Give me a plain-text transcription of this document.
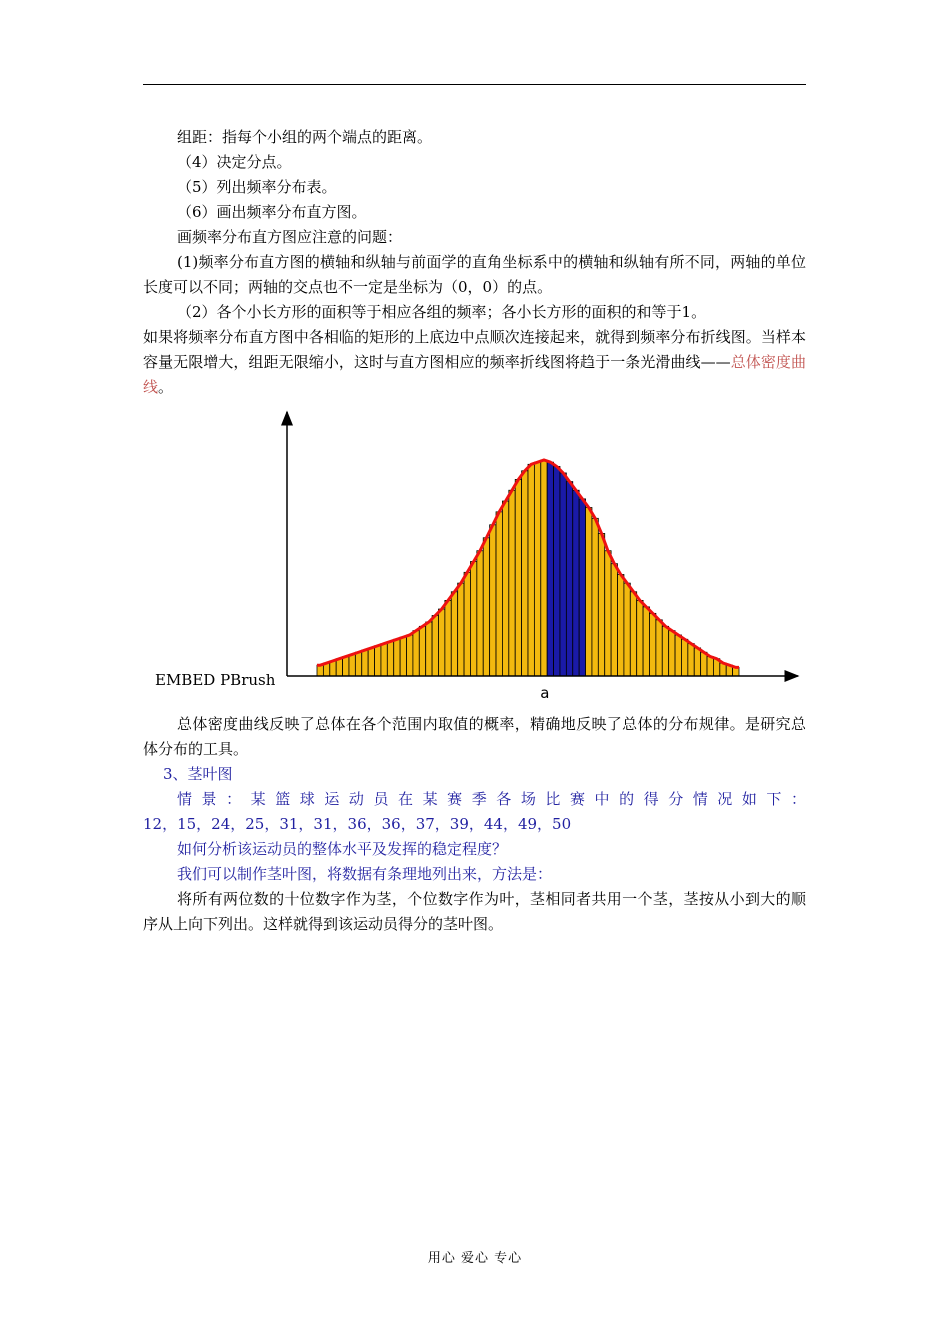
组距：指每个小组的两个端点的距离。

（4）决定分点。

（5）列出频率分布表。

（6）画出频率分布直方图。

画频率分布直方图应注意的问题：

(1)频率分布直方图的横轴和纵轴与前面学的直角坐标系中的横轴和纵轴有所不同，两轴的单位长度可以不同；两轴的交点也不一定是坐标为（0，0）的点。

（2）各个小长方形的面积等于相应各组的频率；各小长方形的面积的和等于1。

如果将频率分布直方图中各相临的矩形的上底边中点顺次连接起来，就得到频率分布折线图。当样本容量无限增大，组距无限缩小，这时与直方图相应的频率折线图将趋于一条光滑曲线——总体密度曲线。

a
EMBED PBrush

总体密度曲线反映了总体在各个范围内取值的概率，精确地反映了总体的分布规律。是研究总体分布的工具。

3、茎叶图

情景：某篮球运动员在某赛季各场比赛中的得分情况如下：

12，15，24，25，31，31，36，36，37，39，44，49，50

如何分析该运动员的整体水平及发挥的稳定程度？

我们可以制作茎叶图，将数据有条理地列出来，方法是：

将所有两位数的十位数字作为茎，个位数字作为叶，茎相同者共用一个茎，茎按从小到大的顺序从上向下列出。这样就得到该运动员得分的茎叶图。

用心 爱心 专心
